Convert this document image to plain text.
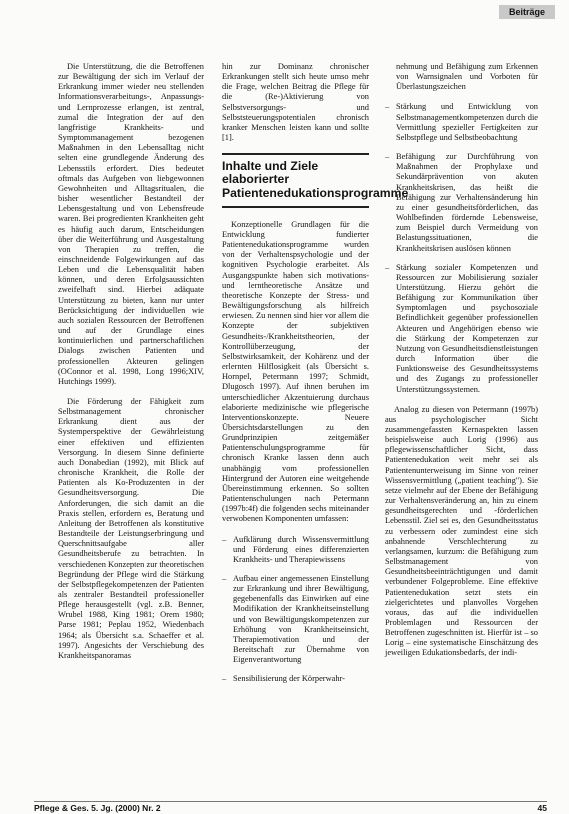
Beiträge

Die Unterstützung, die die Betroffenen zur Bewältigung der sich im Verlauf der Erkrankung immer wieder neu stellenden Informationsverarbeitungs-, Anpassungs- und Lernprozesse erlangen, ist zentral, zumal die Integration der auf den langfristige Krankheits- und Symptommanagement bezogenen Maßnahmen in den Lebensalltag nicht selten eine grundlegende Änderung des Lebensstils erfordert. Dies bedeutet oftmals das Aufgeben von liebgewonnen Gewohnheiten und Alltagsritualen, die bisher wesentlicher Bestandteil der Lebensgestaltung und von Lebensfreude waren. Bei progredienten Krankheiten geht es häufig auch darum, Entscheidungen über die Weiterführung und Ausgestaltung von Therapien zu treffen, die einschneidende Folgewirkungen auf das Leben und die Lebensqualität haben können, und deren Erfolgsaussichten zweifelhaft sind. Hierbei adäquate Unterstützung zu bieten, kann nur unter Berücksichtigung der individuellen wie auch sozialen Ressourcen der Betroffenen und auf der Grundlage eines kontinuierlichen und partnerschaftlichen Dialogs zwischen Patienten und professionellen Akteuren gelingen (OConnor et al. 1998, Long 1996;XIV, Hutchings 1999).

Die Förderung der Fähigkeit zum Selbstmanagement chronischer Erkrankung dient aus der Systemperspektive der Gewährleistung einer effektiven und effizienten Versorgung. In diesem Sinne definierte auch Donabedian (1992), mit Blick auf chronische Krankheit, die Rolle der Patienten als Ko-Produzenten in der Gesundheitsversorgung. Die Anforderungen, die sich damit an die Praxis stellen, erfordern es, Beratung und Anleitung der Betroffenen als konstitutive Bestandteile der Leistungserbringung und Querschnittsaufgabe aller Gesundheitsberufe zu betrachten. In verschiedenen Konzepten zur theoretischen Begründung der Pflege wird die Stärkung der Selbstpflegekompetenzen der Patienten als zentraler Bestandteil professioneller Pflege herausgestellt (vgl. z.B. Benner, Wrubel 1988, King 1981; Orem 1980; Parse 1981; Peplau 1952, Wiedenbach 1964; als Übersicht s.a. Schaeffer et al. 1997). Angesichts der Verschiebung des Krankheitspanoramas

hin zur Dominanz chronischer Erkrankungen stellt sich heute umso mehr die Frage, welchen Beitrag die Pflege für die (Re-)Aktivierung von Selbstversorgungs- und Selbststeuerungspotentialen chronisch kranker Menschen leisten kann und sollte [1].

Inhalte und Ziele elaborierter Patientenedukationsprogramme

Konzeptionelle Grundlagen für die Entwicklung fundierter Patientenedukationsprogramme wurden von der Verhaltenspsychologie und der kognitiven Psychologie erarbeitet. Als Ausgangspunkte haben sich motivations- und lerntheoretische Ansätze und theoretische Konzepte der Stress- und Bewältigungsforschung als hilfreich erwiesen. Zu nennen sind hier vor allem die Konzepte der subjektiven Gesundheits-/Krankheitstheorien, der Kontrollüberzeugung, der Selbstwirksamkeit, der Kohärenz und der erlernten Hilflosigkeit (als Übersicht s. Hornpel, Petermann 1997; Schmidt, Dlugosch 1997). Auf ihnen beruhen im unterschiedlicher Akzentuierung durchaus elaborierte medizinische wie pflegerische Interventionskonzepte. Neuere Übersichtsdarstellungen zu den Grundprinzipien zeitgemäßer Patientenschulungsprogramme für chronisch Kranke lassen denn auch unabhängig vom professionellen Hintergrund der Autoren eine weitgehende Übereinstimmung erkennen. So sollten Patientenschulungen nach Petermann (1997b:4f) die folgenden sechs miteinander verwobenen Komponenten umfassen:

– Aufklärung durch Wissensvermittlung und Förderung eines differenzierten Krankheits- und Therapiewissens
– Aufbau einer angemessenen Einstellung zur Erkrankung und ihrer Bewältigung, gegebenenfalls das Einwirken auf eine Modifikation der Krankheitseinstellung und von Bewältigungskompetenzen zur Erhöhung von Krankheitseinsicht, Therapiemotivation und der Bereitschaft zur Übernahme von Eigenverantwortung
– Sensibilisierung der Körperwahr-

nehmung und Befähigung zum Erkennen von Warnsignalen und Vorboten für Überlastungszeichen

– Stärkung und Entwicklung von Selbstmanagementkompetenzen durch die Vermittlung spezieller Fertigkeiten zur Selbstpflege und Selbstbeobachtung
– Befähigung zur Durchführung von Maßnahmen der Prophylaxe und Sekundärprävention von akuten Krankheitskrisen, das heißt die Befähigung zur Verhaltensänderung hin zu einer gesundheitsförderlichen, das Wohlbefinden fördernde Lebensweise, zum Beispiel durch Vermeidung von Belastungssituationen, die Krankheitskrisen auslösen können
– Stärkung sozialer Kompetenzen und Ressourcen zur Mobilisierung sozialer Unterstützung. Hierzu gehört die Befähigung zur Kommunikation über Symptomlagen und psychosoziale Befindlichkeit gegenüber professionellen Akteuren und Angehörigen ebenso wie die Stärkung der Kompetenzen zur Nutzung von Gesundheitsdienstleistungen durch Information über die Funktionsweise des Gesundheitssystems und des Zugangs zu professioneller Unterstützungssystemen.

Analog zu diesen von Petermann (1997b) aus psychologischer Sicht zusammengefassten Kernaspekten lassen beispielsweise auch Lorig (1996) aus pflegewissenschaftlicher Sicht, dass Patientenedukation weit mehr sei als Patientenunterweisung im Sinne von reiner Wissensvermittlung („patient teaching"). Sie setze vielmehr auf der Ebene der Befähigung zur Verhaltensveränderung an, hin zu einem gesundheitsgerechten und -förderlichen Lebensstil. Ziel sei es, den Gesundheitsstatus zu verbessern oder zumindest eine sich anbahnende Verschlechterung zu verlangsamen, kurzum: die Befähigung zum Selbstmanagement von Gesundheitsbeeinträchtigungen und damit verbundener Folgeprobleme. Eine effektive Patientenedukation setzt stets ein zielgerichtetes und planvolles Vorgehen voraus, das auf die individuellen Problemlagen und Ressourcen der Betroffenen zugeschnitten ist. Hierfür ist – so Lorig – eine systematische Einschätzung des jeweiligen Edukationsbedarfs, der indi-

Pflege & Ges. 5. Jg. (2000) Nr. 2	45
